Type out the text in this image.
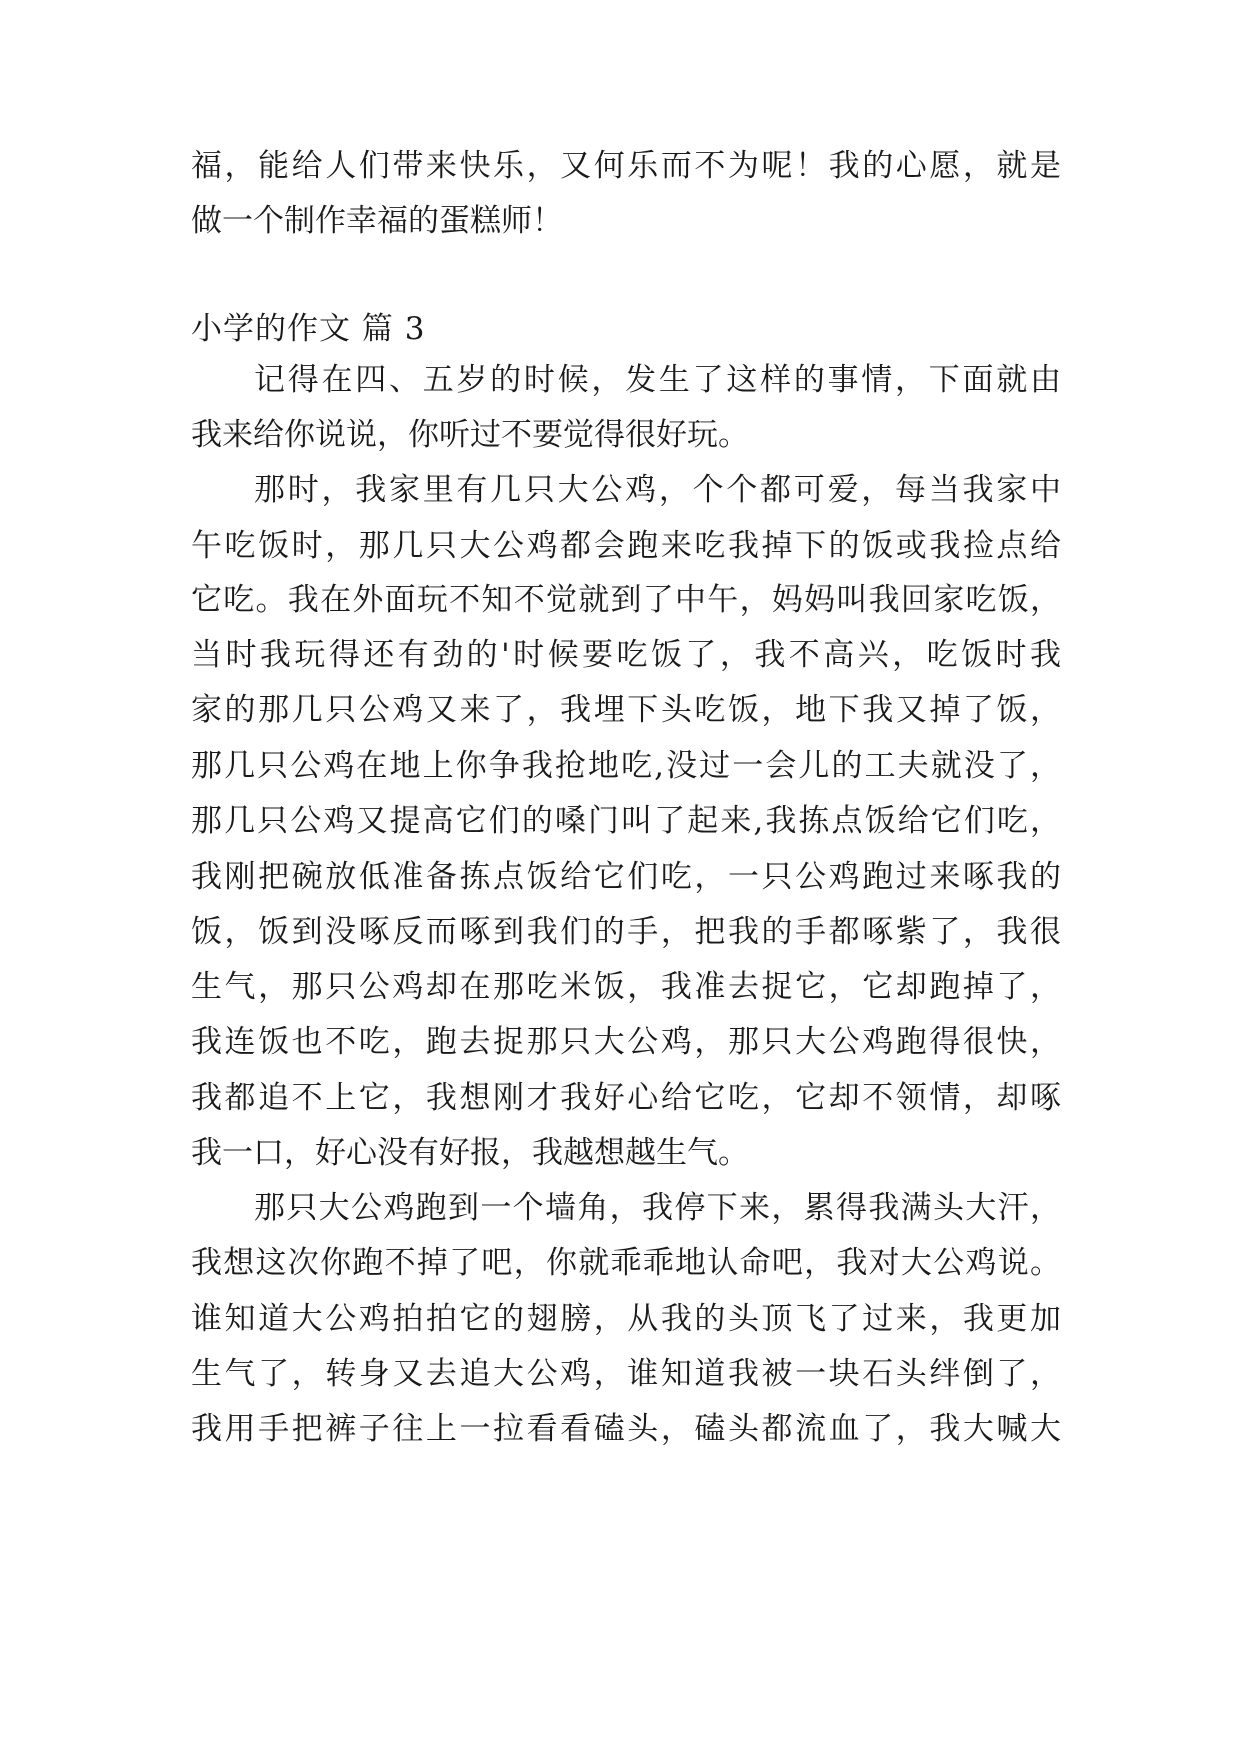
福，能给人们带来快乐，又何乐而不为呢！我的心愿，就是
做一个制作幸福的蛋糕师！
小学的作文 篇 3
记得在四、五岁的时候，发生了这样的事情，下面就由
我来给你说说，你听过不要觉得很好玩。
那时，我家里有几只大公鸡，个个都可爱，每当我家中
午吃饭时，那几只大公鸡都会跑来吃我掉下的饭或我捡点给
它吃。我在外面玩不知不觉就到了中午，妈妈叫我回家吃饭，
当时我玩得还有劲的'时候要吃饭了，我不高兴，吃饭时我
家的那几只公鸡又来了，我埋下头吃饭，地下我又掉了饭，
那几只公鸡在地上你争我抢地吃,没过一会儿的工夫就没了，
那几只公鸡又提高它们的嗓门叫了起来,我拣点饭给它们吃，
我刚把碗放低准备拣点饭给它们吃，一只公鸡跑过来啄我的
饭，饭到没啄反而啄到我们的手，把我的手都啄紫了，我很
生气，那只公鸡却在那吃米饭，我准去捉它，它却跑掉了，
我连饭也不吃，跑去捉那只大公鸡，那只大公鸡跑得很快，
我都追不上它，我想刚才我好心给它吃，它却不领情，却啄
我一口，好心没有好报，我越想越生气。
那只大公鸡跑到一个墙角，我停下来，累得我满头大汗，
我想这次你跑不掉了吧，你就乖乖地认命吧，我对大公鸡说。
谁知道大公鸡拍拍它的翅膀，从我的头顶飞了过来，我更加
生气了，转身又去追大公鸡，谁知道我被一块石头绊倒了，
我用手把裤子往上一拉看看磕头，磕头都流血了，我大喊大
